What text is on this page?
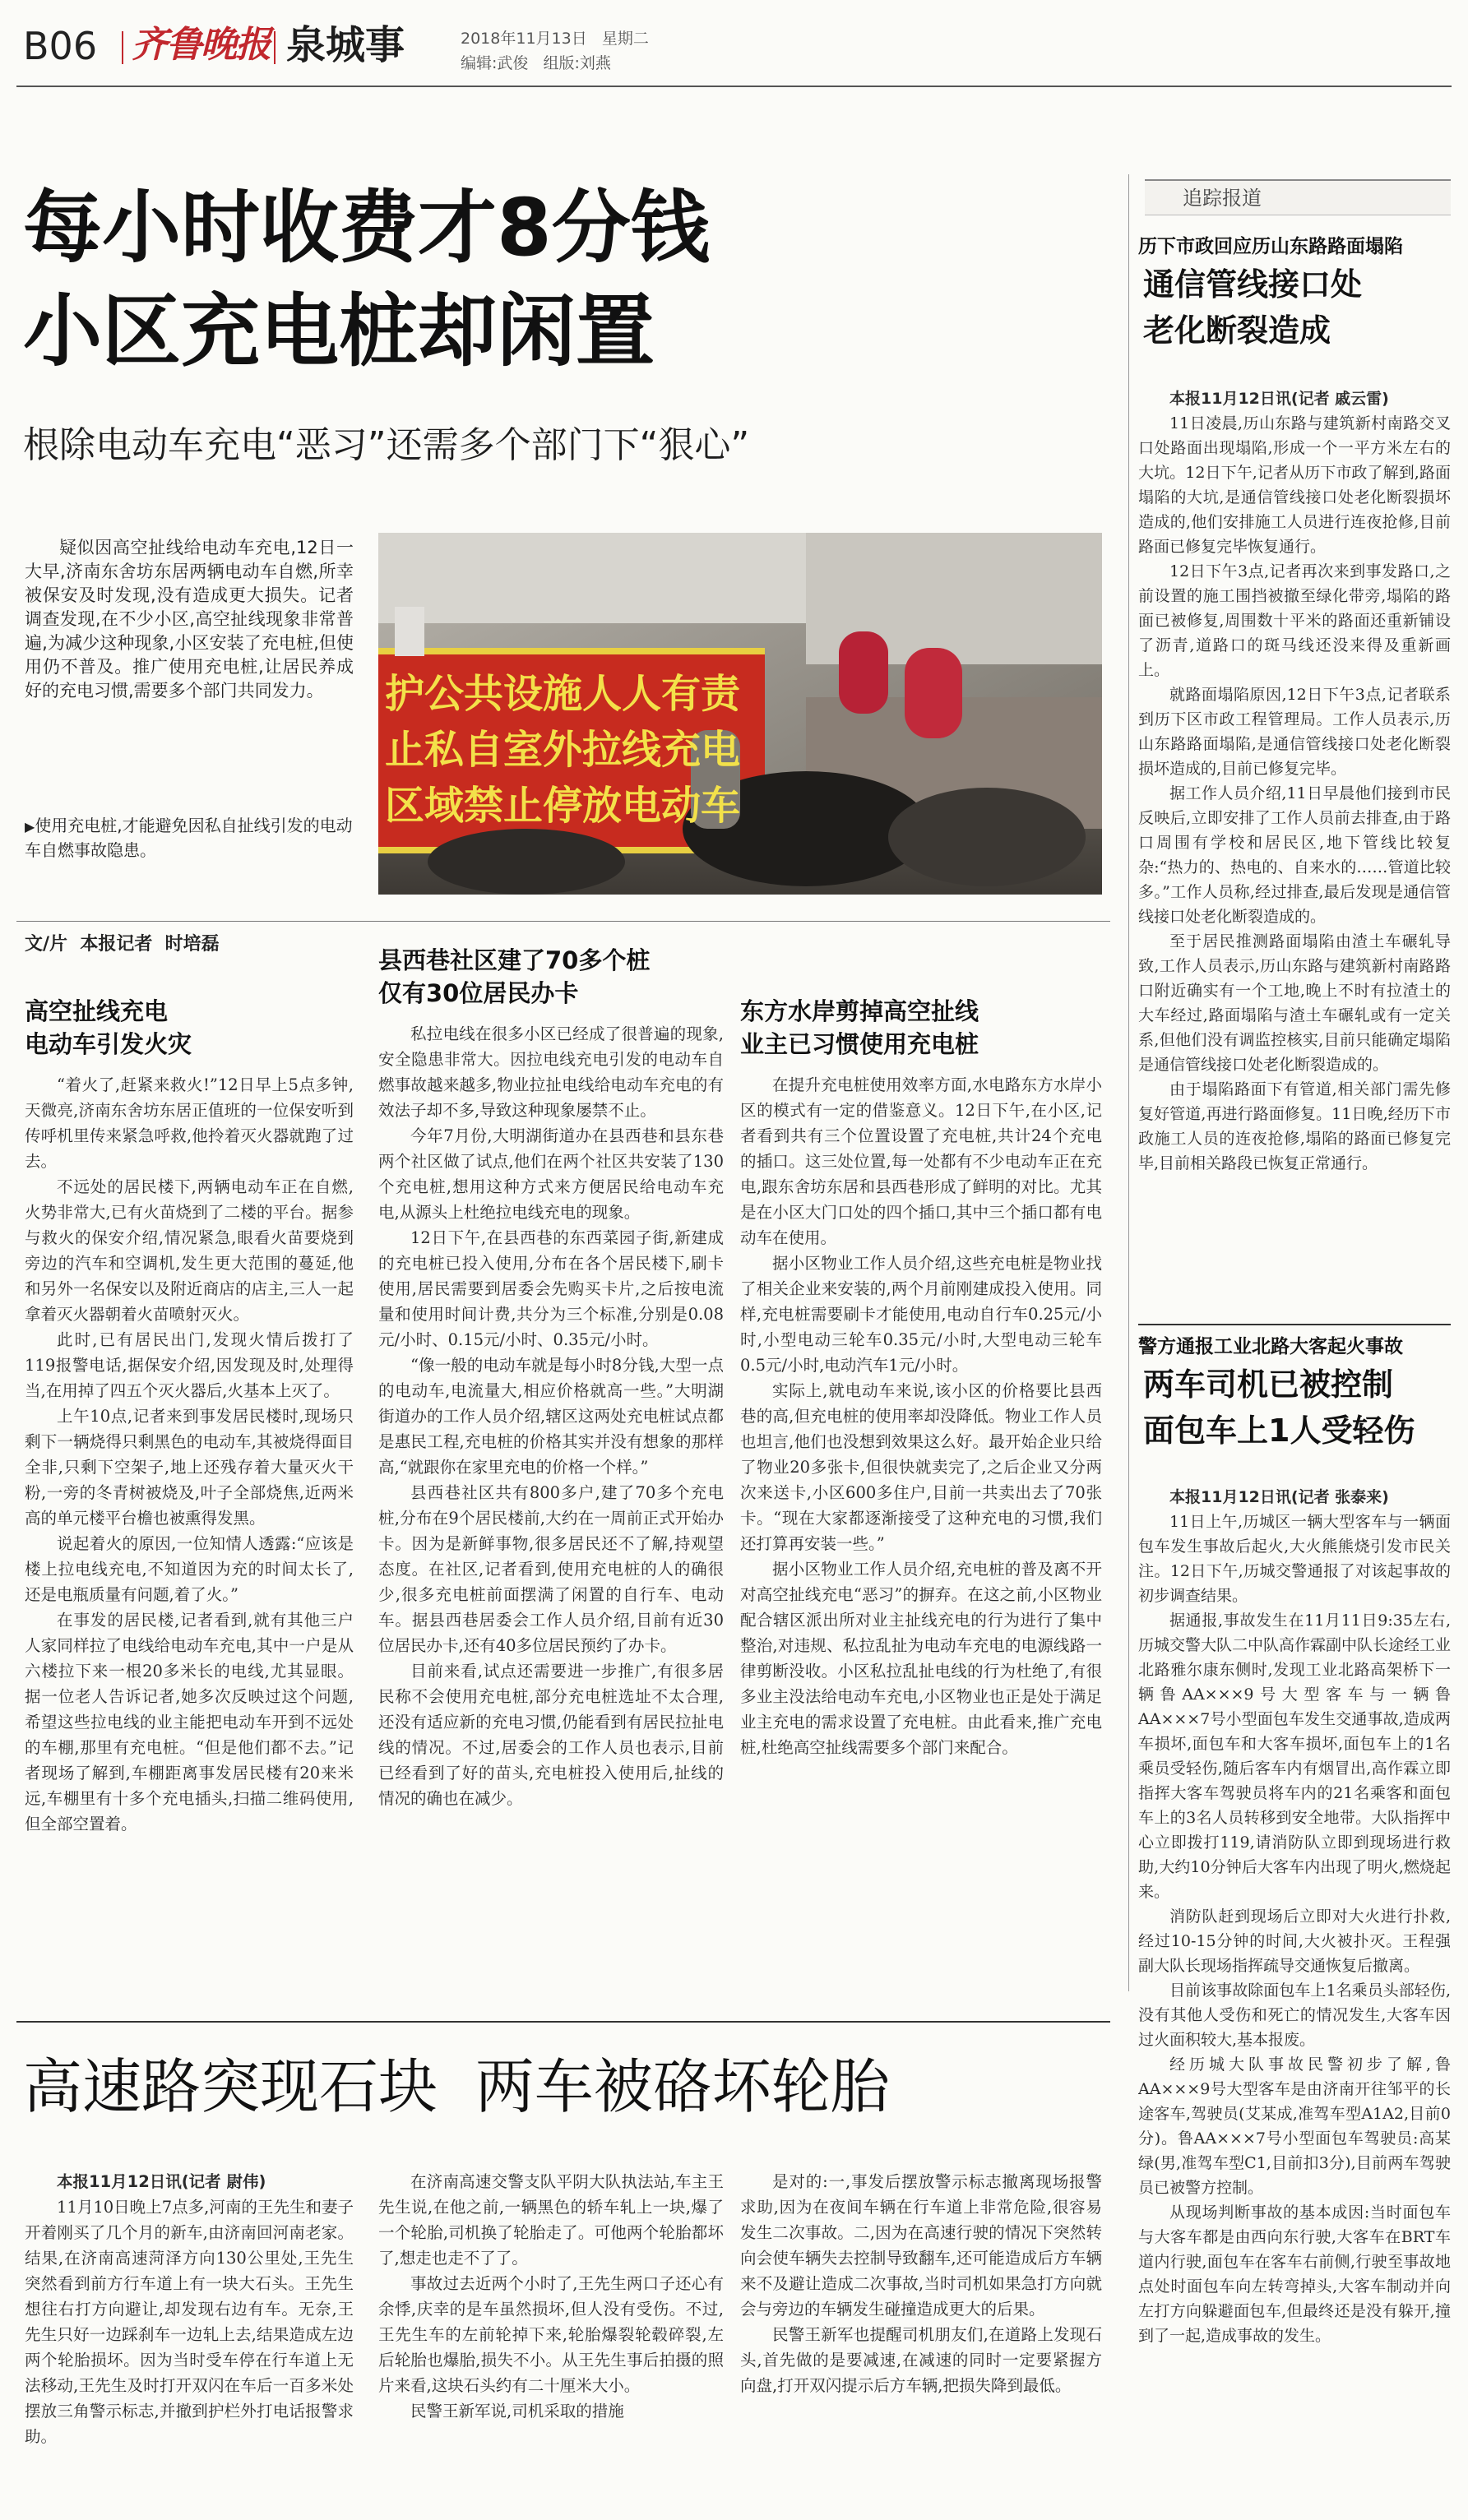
B06 齐鲁晚报 泉城事	2018年11月13日 星期二
编辑:武俊 组版:刘燕
每小时收费才8分钱
小区充电桩却闲置
根除电动车充电“恶习”还需多个部门下“狠心”
疑似因高空扯线给电动车充电,12日一大早,济南东舍坊东居两辆电动车自燃,所幸被保安及时发现,没有造成更大损失。记者调查发现,在不少小区,高空扯线现象非常普遍,为减少这种现象,小区安装了充电桩,但使用仍不普及。推广使用充电桩,让居民养成好的充电习惯,需要多个部门共同发力。
▶使用充电桩,才能避免因私自扯线引发的电动车自燃事故隐患。
护公共设施人人有责 止私自室外拉线充电 区域禁止停放电动车
文/片  本报记者  时培磊
高空扯线充电
电动车引发火灾

“着火了,赶紧来救火!”12日早上5点多钟,天微亮,济南东舍坊东居正值班的一位保安听到传呼机里传来紧急呼救,他拎着灭火器就跑了过去。

不远处的居民楼下,两辆电动车正在自燃,火势非常大,已有火苗烧到了二楼的平台。据参与救火的保安介绍,情况紧急,眼看火苗要烧到旁边的汽车和空调机,发生更大范围的蔓延,他和另外一名保安以及附近商店的店主,三人一起拿着灭火器朝着火苗喷射灭火。

此时,已有居民出门,发现火情后拨打了119报警电话,据保安介绍,因发现及时,处理得当,在用掉了四五个灭火器后,火基本上灭了。

上午10点,记者来到事发居民楼时,现场只剩下一辆烧得只剩黑色的电动车,其被烧得面目全非,只剩下空架子,地上还残存着大量灭火干粉,一旁的冬青树被烧及,叶子全部烧焦,近两米高的单元楼平台檐也被熏得发黑。

说起着火的原因,一位知情人透露:“应该是楼上拉电线充电,不知道因为充的时间太长了,还是电瓶质量有问题,着了火。”

在事发的居民楼,记者看到,就有其他三户人家同样拉了电线给电动车充电,其中一户是从六楼拉下来一根20多米长的电线,尤其显眼。据一位老人告诉记者,她多次反映过这个问题,希望这些拉电线的业主能把电动车开到不远处的车棚,那里有充电桩。“但是他们都不去。”记者现场了解到,车棚距离事发居民楼有20来米远,车棚里有十多个充电插头,扫描二维码使用,但全部空置着。

县西巷社区建了70多个桩
仅有30位居民办卡

私拉电线在很多小区已经成了很普遍的现象,安全隐患非常大。因拉电线充电引发的电动车自燃事故越来越多,物业拉扯电线给电动车充电的有效法子却不多,导致这种现象屡禁不止。

今年7月份,大明湖街道办在县西巷和县东巷两个社区做了试点,他们在两个社区共安装了130个充电桩,想用这种方式来方便居民给电动车充电,从源头上杜绝拉电线充电的现象。

12日下午,在县西巷的东西菜园子街,新建成的充电桩已投入使用,分布在各个居民楼下,刷卡使用,居民需要到居委会先购买卡片,之后按电流量和使用时间计费,共分为三个标准,分别是0.08元/小时、0.15元/小时、0.35元/小时。

“像一般的电动车就是每小时8分钱,大型一点的电动车,电流量大,相应价格就高一些。”大明湖街道办的工作人员介绍,辖区这两处充电桩试点都是惠民工程,充电桩的价格其实并没有想象的那样高,“就跟你在家里充电的价格一个样。”

县西巷社区共有800多户,建了70多个充电桩,分布在9个居民楼前,大约在一周前正式开始办卡。因为是新鲜事物,很多居民还不了解,持观望态度。在社区,记者看到,使用充电桩的人的确很少,很多充电桩前面摆满了闲置的自行车、电动车。据县西巷居委会工作人员介绍,目前有近30位居民办卡,还有40多位居民预约了办卡。

目前来看,试点还需要进一步推广,有很多居民称不会使用充电桩,部分充电桩选址不太合理,还没有适应新的充电习惯,仍能看到有居民拉扯电线的情况。不过,居委会的工作人员也表示,目前已经看到了好的苗头,充电桩投入使用后,扯线的情况的确也在减少。

东方水岸剪掉高空扯线
业主已习惯使用充电桩

在提升充电桩使用效率方面,水电路东方水岸小区的模式有一定的借鉴意义。12日下午,在小区,记者看到共有三个位置设置了充电桩,共计24个充电的插口。这三处位置,每一处都有不少电动车正在充电,跟东舍坊东居和县西巷形成了鲜明的对比。尤其是在小区大门口处的四个插口,其中三个插口都有电动车在使用。

据小区物业工作人员介绍,这些充电桩是物业找了相关企业来安装的,两个月前刚建成投入使用。同样,充电桩需要刷卡才能使用,电动自行车0.25元/小时,小型电动三轮车0.35元/小时,大型电动三轮车0.5元/小时,电动汽车1元/小时。

实际上,就电动车来说,该小区的价格要比县西巷的高,但充电桩的使用率却没降低。物业工作人员也坦言,他们也没想到效果这么好。最开始企业只给了物业20多张卡,但很快就卖完了,之后企业又分两次来送卡,小区600多住户,目前一共卖出去了70张卡。“现在大家都逐渐接受了这种充电的习惯,我们还打算再安装一些。”

据小区物业工作人员介绍,充电桩的普及离不开对高空扯线充电“恶习”的摒弃。在这之前,小区物业配合辖区派出所对业主扯线充电的行为进行了集中整治,对违规、私拉乱扯为电动车充电的电源线路一律剪断没收。小区私拉乱扯电线的行为杜绝了,有很多业主没法给电动车充电,小区物业也正是处于满足业主充电的需求设置了充电桩。由此看来,推广充电桩,杜绝高空扯线需要多个部门来配合。

高速路突现石块  两车被硌坏轮胎

本报11月12日讯(记者 尉伟)

11月10日晚上7点多,河南的王先生和妻子开着刚买了几个月的新车,由济南回河南老家。结果,在济南高速菏泽方向130公里处,王先生突然看到前方行车道上有一块大石头。王先生想往右打方向避让,却发现右边有车。无奈,王先生只好一边踩刹车一边轧上去,结果造成左边两个轮胎损坏。因为当时受车停在行车道上无法移动,王先生及时打开双闪在车后一百多米处摆放三角警示标志,并撤到护栏外打电话报警求助。

在济南高速交警支队平阴大队执法站,车主王先生说,在他之前,一辆黑色的轿车轧上一块,爆了一个轮胎,司机换了轮胎走了。可他两个轮胎都坏了,想走也走不了了。

事故过去近两个小时了,王先生两口子还心有余悸,庆幸的是车虽然损坏,但人没有受伤。不过,王先生车的左前轮掉下来,轮胎爆裂轮毂碎裂,左后轮胎也爆胎,损失不小。从王先生事后拍摄的照片来看,这块石头约有二十厘米大小。

民警王新军说,司机采取的措施

是对的:一,事发后摆放警示标志撤离现场报警求助,因为在夜间车辆在行车道上非常危险,很容易发生二次事故。二,因为在高速行驶的情况下突然转向会使车辆失去控制导致翻车,还可能造成后方车辆来不及避让造成二次事故,当时司机如果急打方向就会与旁边的车辆发生碰撞造成更大的后果。

民警王新军也提醒司机朋友们,在道路上发现石头,首先做的是要减速,在减速的同时一定要紧握方向盘,打开双闪提示后方车辆,把损失降到最低。

追踪报道
历下市政回应历山东路路面塌陷
通信管线接口处
老化断裂造成

本报11月12日讯(记者 戚云雷)

11日凌晨,历山东路与建筑新村南路交叉口处路面出现塌陷,形成一个一平方米左右的大坑。12日下午,记者从历下市政了解到,路面塌陷的大坑,是通信管线接口处老化断裂损坏造成的,他们安排施工人员进行连夜抢修,目前路面已修复完毕恢复通行。

12日下午3点,记者再次来到事发路口,之前设置的施工围挡被撤至绿化带旁,塌陷的路面已被修复,周围数十平米的路面还重新铺设了沥青,道路口的斑马线还没来得及重新画上。

就路面塌陷原因,12日下午3点,记者联系到历下区市政工程管理局。工作人员表示,历山东路路面塌陷,是通信管线接口处老化断裂损坏造成的,目前已修复完毕。

据工作人员介绍,11日早晨他们接到市民反映后,立即安排了工作人员前去排查,由于路口周围有学校和居民区,地下管线比较复杂:“热力的、热电的、自来水的……管道比较多。”工作人员称,经过排查,最后发现是通信管线接口处老化断裂造成的。

至于居民推测路面塌陷由渣土车碾轧导致,工作人员表示,历山东路与建筑新村南路路口附近确实有一个工地,晚上不时有拉渣土的大车经过,路面塌陷与渣土车碾轧或有一定关系,但他们没有调监控核实,目前只能确定塌陷是通信管线接口处老化断裂造成的。

由于塌陷路面下有管道,相关部门需先修复好管道,再进行路面修复。11日晚,经历下市政施工人员的连夜抢修,塌陷的路面已修复完毕,目前相关路段已恢复正常通行。

警方通报工业北路大客起火事故
两车司机已被控制
面包车上1人受轻伤

本报11月12日讯(记者 张泰来)

11日上午,历城区一辆大型客车与一辆面包车发生事故后起火,大火熊熊烧引发市民关注。12日下午,历城交警通报了对该起事故的初步调查结果。

据通报,事故发生在11月11日9:35左右,历城交警大队二中队高作霖副中队长途经工业北路雅尔康东侧时,发现工业北路高架桥下一辆鲁AA×××9号大型客车与一辆鲁AA×××7号小型面包车发生交通事故,造成两车损坏,面包车和大客车损坏,面包车上的1名乘员受轻伤,随后客车内有烟冒出,高作霖立即指挥大客车驾驶员将车内的21名乘客和面包车上的3名人员转移到安全地带。大队指挥中心立即拨打119,请消防队立即到现场进行救助,大约10分钟后大客车内出现了明火,燃烧起来。

消防队赶到现场后立即对大火进行扑救,经过10-15分钟的时间,大火被扑灭。王程强副大队长现场指挥疏导交通恢复后撤离。

目前该事故除面包车上1名乘员头部轻伤,没有其他人受伤和死亡的情况发生,大客车因过火面积较大,基本报废。

经历城大队事故民警初步了解,鲁AA×××9号大型客车是由济南开往邹平的长途客车,驾驶员(艾某成,准驾车型A1A2,目前0分)。鲁AA×××7号小型面包车驾驶员:高某绿(男,准驾车型C1,目前扣3分),目前两车驾驶员已被警方控制。

从现场判断事故的基本成因:当时面包车与大客车都是由西向东行驶,大客车在BRT车道内行驶,面包车在客车右前侧,行驶至事故地点处时面包车向左转弯掉头,大客车制动并向左打方向躲避面包车,但最终还是没有躲开,撞到了一起,造成事故的发生。
